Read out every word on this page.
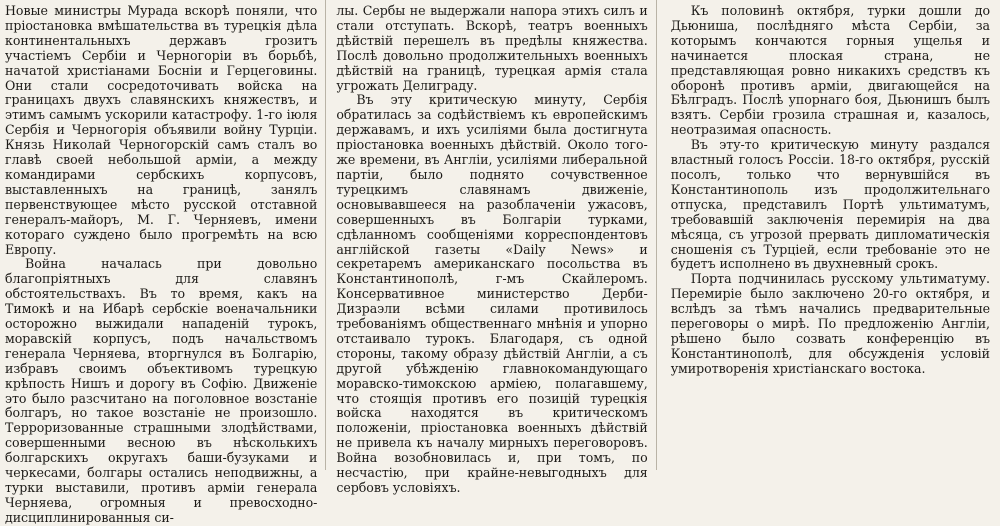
Новые министры Мурада вскорѣ поняли, что пріостановка вмѣшательства въ турецкія дѣла континентальныхъ державъ грозитъ участіемъ Сербіи и Черногоріи въ борьбѣ, начатой христіанами Босніи и Герцеговины. Они стали сосредоточивать войска на границахъ двухъ славянскихъ княжествъ, и этимъ самымъ ускорили катастрофу. 1-го іюля Сербія и Черногорія объявили войну Турціи. Князь Николай Черногорскій самъ сталъ во главѣ своей небольшой арміи, а между командирами сербскихъ корпусовъ, выставленныхъ на границѣ, занялъ первенствующее мѣсто русской отставной генералъ-майоръ, М. Г. Черняевъ, имени котораго суждено было прогремѣть на всю Европу.

Война началась при довольно благопріятныхъ для славянъ обстоятельствахъ. Въ то время, какъ на Тимокѣ и на Ибарѣ сербскіе военачальники осторожно выжидали нападеній турокъ, моравскій корпусъ, подъ начальствомъ генерала Черняева, вторгнулся въ Болгарію, избравъ своимъ объективомъ турецкую крѣпость Нишъ и дорогу въ Софію. Движеніе это было разсчитано на поголовное возстаніе болгаръ, но такое возстаніе не произошло. Терроризованные страшными злодѣйствами, совершенными весною въ нѣсколькихъ болгарскихъ округахъ баши-бузуками и черкесами, болгары остались неподвижны, а турки выставили, противъ арміи генерала Черняева, огромныя и превосходно-дисциплинированныя си-

лы. Сербы не выдержали напора этихъ силъ и стали отступать. Вскорѣ, театръ военныхъ дѣйствій перешелъ въ предѣлы княжества. Послѣ довольно продолжительныхъ военныхъ дѣйствій на границѣ, турецкая армія стала угрожать Делиграду.

Въ эту критическую минуту, Сербія обратилась за содѣйствіемъ къ европейскимъ державамъ, и ихъ усиліями была достигнута пріостановка военныхъ дѣйствій. Около того-же времени, въ Англіи, усиліями либеральной партіи, было поднято сочувственное турецкимъ славянамъ движеніе, основывавшееся на разоблаченіи ужасовъ, совершенныхъ въ Болгаріи турками, сдѣланномъ сообщеніями корреспондентовъ англійской газеты «Daily News» и секретаремъ американскаго посольства въ Константинополѣ, г-мъ Скайлеромъ. Консервативное министерство Дерби-Дизраэли всѣми силами противилось требованіямъ общественнаго мнѣнія и упорно отстаивало турокъ. Благодаря, съ одной стороны, такому образу дѣйствій Англіи, а съ другой убѣжденію главнокомандующаго моравско-тимокскою арміею, полагавшему, что стоящія противъ его позицій турецкія войска находятся въ критическомъ положеніи, пріостановка военныхъ дѣйствій не привела къ началу мирныхъ переговоровъ. Война возобновилась и, при томъ, по несчастію, при крайне-невыгодныхъ для сербовъ условіяхъ.

Къ половинѣ октября, турки дошли до Дьюниша, послѣдняго мѣста Сербіи, за которымъ кончаются горныя ущелья и начинается плоская страна, не представляющая ровно никакихъ средствъ къ оборонѣ противъ арміи, двигающейся на Бѣлградъ. Послѣ упорнаго боя, Дьюнишъ былъ взятъ. Сербіи грозила страшная и, казалось, неотразимая опасность.

Въ эту-то критическую минуту раздался властный голосъ Россіи. 18-го октября, русскій посолъ, только что вернувшійся въ Константинополь изъ продолжительнаго отпуска, представилъ Портѣ ультиматумъ, требовавшій заключенія перемирія на два мѣсяца, съ угрозой прервать дипломатическія сношенія съ Турціей, если требованіе это не будетъ исполнено въ двухневный срокъ.

Порта подчинилась русскому ультиматуму. Перемиріе было заключено 20-го октября, и вслѣдъ за тѣмъ начались предварительные переговоры о мирѣ. По предложенію Англіи, рѣшено было созвать конференцію въ Константинополѣ, для обсужденія условій умиротворенія христіанскаго востока.
